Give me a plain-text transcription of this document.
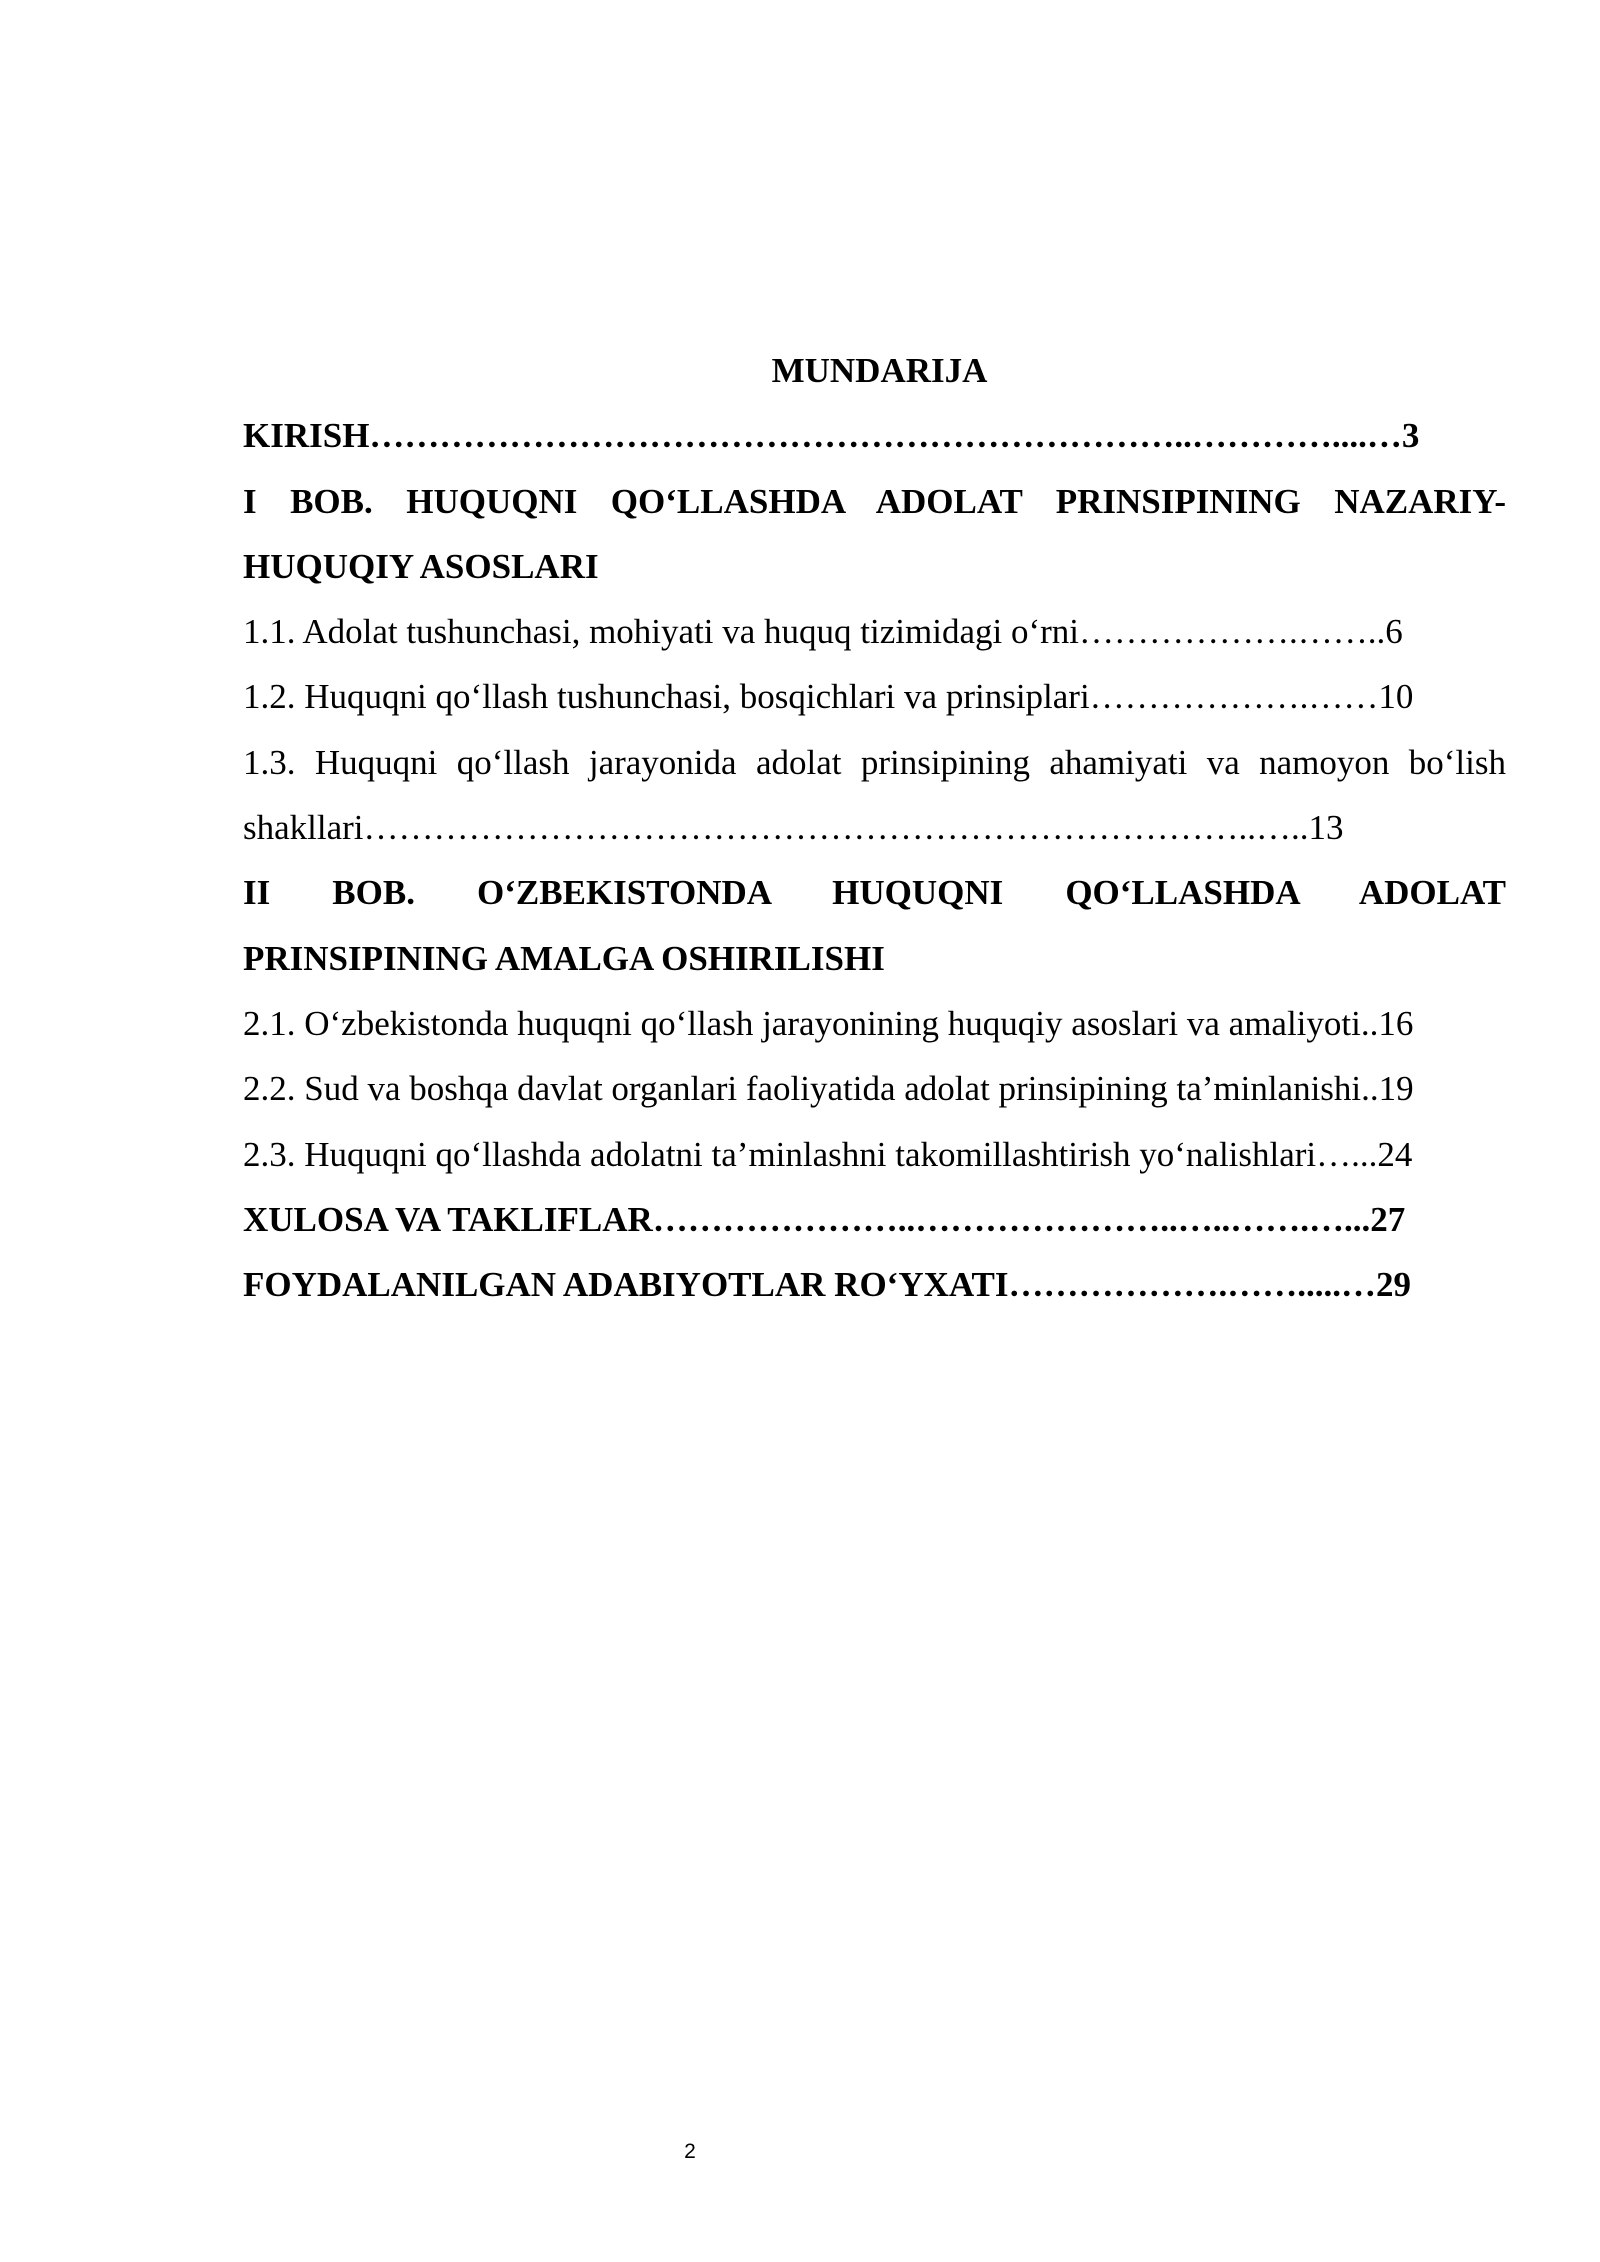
MUNDARIJA

KIRISH……………………………………………………………..…………....…3

I BOB. HUQUQNI QO‘LLASHDA ADOLAT PRINSIPINING NAZARIY-

HUQUQIY ASOSLARI

1.1. Adolat tushunchasi, mohiyati va huquq tizimidagi o‘rni……………….……..6

1.2. Huquqni qo‘llash tushunchasi, bosqichlari va prinsiplari……………….……10

1.3. Huquqni qo‘llash jarayonida adolat prinsipining ahamiyati va namoyon bo‘lish

shakllari…………………………………………………………………..…..13

II BOB. O‘ZBEKISTONDA HUQUQNI QO‘LLASHDA ADOLAT

PRINSIPINING AMALGA OSHIRILISHI

2.1. O‘zbekistonda huquqni qo‘llash jarayonining huquqiy asoslari va amaliyoti..16

2.2. Sud va boshqa davlat organlari faoliyatida adolat prinsipining ta’minlanishi..19

2.3. Huquqni qo‘llashda adolatni ta’minlashni takomillashtirish yo‘nalishlari…...24

XULOSA VA TAKLIFLAR…………………..…………………..…..…….…...27

FOYDALANILGAN ADABIYOTLAR RO‘YXATI……………….…….....…29

2
